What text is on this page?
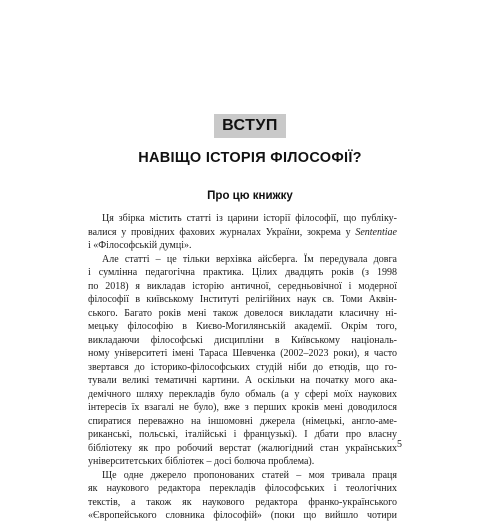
ВСТУП
НАВІЩО ІСТОРІЯ ФІЛОСОФІЇ?
Про цю книжку

Ця збірка містить статті із царини історії філософії, що публіку-
валися у провідних фахових журналах України, зокрема у Sententiae
і «Філософській думці».

Але статті – це тільки верхівка айсберга. Їм передувала довга
і сумлінна педагогічна практика. Цілих двадцять років (з 1998
по 2018) я викладав історію античної, середньовічної і модерної
філософії в київському Інституті релігійних наук св. Томи Аквін-
ського. Багато років мені також довелося викладати класичну ні-
мецьку філософію в Києво-Могилянській академії. Окрім того,
викладаючи філософські дисципліни в Київському національ-
ному університеті імені Тараса Шевченка (2002–2023 роки), я часто
звертався до історико-філософських студій ніби до етюдів, що го-
тували великі тематичні картини. А оскільки на початку мого ака-
демічного шляху перекладів було обмаль (а у сфері моїх наукових
інтересів їх взагалі не було), вже з перших кроків мені доводилося
спиратися переважно на іншомовні джерела (німецькі, англо-аме-
риканські, польські, італійські і французькі). І дбати про власну
бібліотеку як про робочий верстат (жалюгідний стан українських
університетських бібліотек – досі болюча проблема).

Ще одне джерело пропонованих статей – моя тривала праця
як наукового редактора перекладів філософських і теологічних
текстів, а також як наукового редактора франко-українського
«Європейського словника філософій» (поки що вийшло чотири

5
